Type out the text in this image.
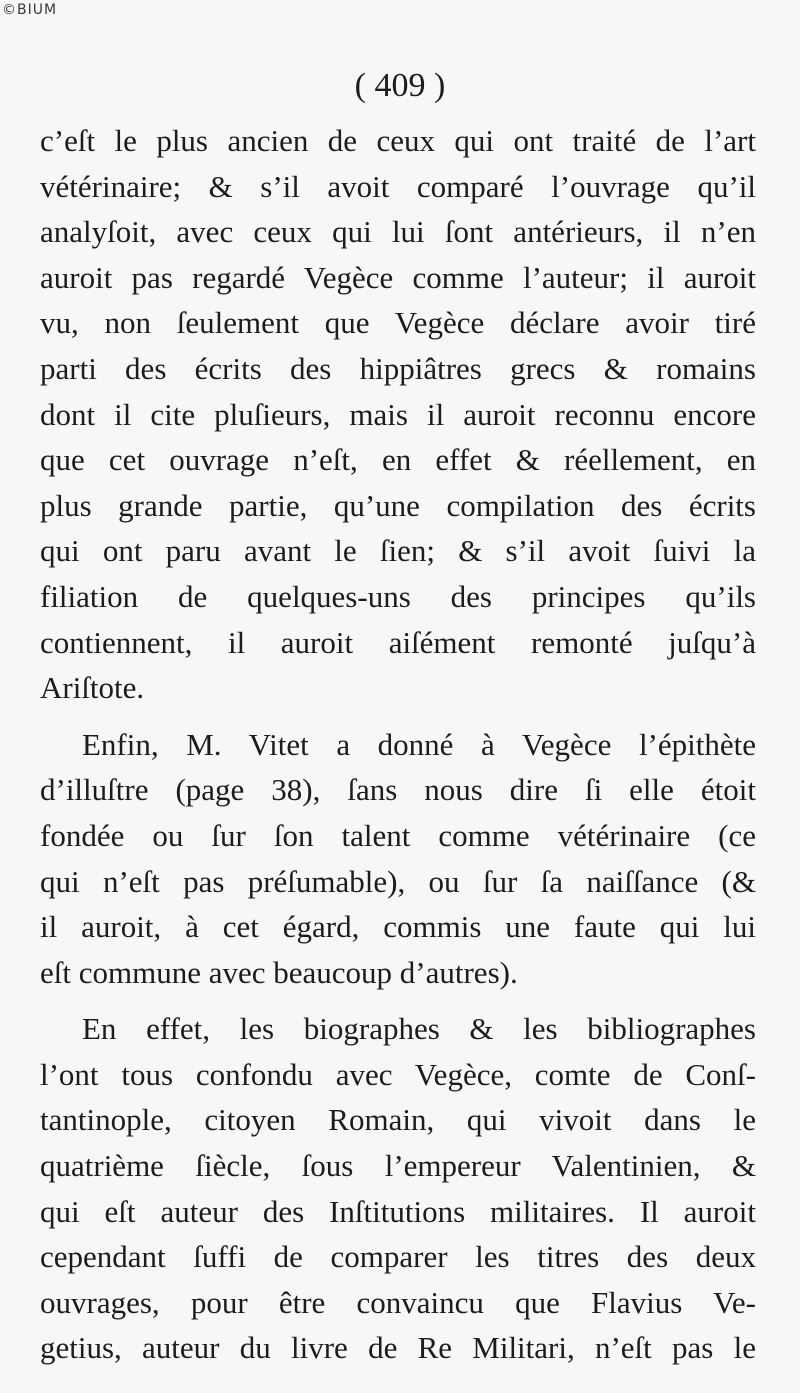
©BIUM
( 409 )
c’eſt le plus ancien de ceux qui ont traité de l’art
vétérinaire; & s’il avoit comparé l’ouvrage qu’il
analyſoit, avec ceux qui lui ſont antérieurs, il n’en
auroit pas regardé Vegèce comme l’auteur; il auroit
vu, non ſeulement que Vegèce déclare avoir tiré
parti des écrits des hippiâtres grecs & romains
dont il cite pluſieurs, mais il auroit reconnu encore
que cet ouvrage n’eſt, en effet & réellement, en
plus grande partie, qu’une compilation des écrits
qui ont paru avant le ſien; & s’il avoit ſuivi la
filiation de quelques-uns des principes qu’ils
contiennent, il auroit aiſément remonté juſqu’à
Ariſtote.
Enfin, M. Vitet a donné à Vegèce l’épithète
d’illuſtre (page 38), ſans nous dire ſi elle étoit
fondée ou ſur ſon talent comme vétérinaire (ce
qui n’eſt pas préſumable), ou ſur ſa naiſſance (&
il auroit, à cet égard, commis une faute qui lui
eſt commune avec beaucoup d’autres).
En effet, les biographes & les bibliographes
l’ont tous confondu avec Vegèce, comte de Conſ-
tantinople, citoyen Romain, qui vivoit dans le
quatrième ſiècle, ſous l’empereur Valentinien, &
qui eſt auteur des Inſtitutions militaires. Il auroit
cependant ſuffi de comparer les titres des deux
ouvrages, pour être convaincu que Flavius Ve-
getius, auteur du livre de Re Militari, n’eſt pas le
